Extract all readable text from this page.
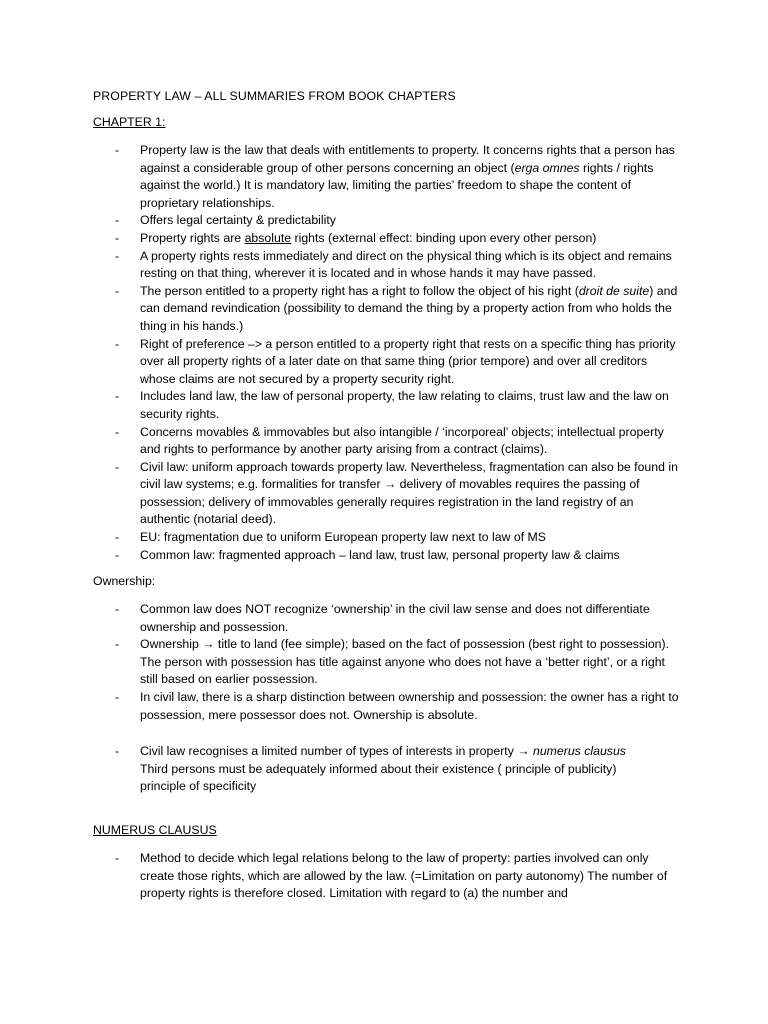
PROPERTY LAW – ALL SUMMARIES FROM BOOK CHAPTERS

CHAPTER 1:

- Property law is the law that deals with entitlements to property. It concerns rights that a person has against a considerable group of other persons concerning an object (erga omnes rights / rights against the world.) It is mandatory law, limiting the parties’ freedom to shape the content of proprietary relationships.
- Offers legal certainty & predictability
- Property rights are absolute rights (external effect: binding upon every other person)
- A property rights rests immediately and direct on the physical thing which is its object and remains resting on that thing, wherever it is located and in whose hands it may have passed.
- The person entitled to a property right has a right to follow the object of his right (droit de suite) and can demand revindication (possibility to demand the thing by a property action from who holds the thing in his hands.)
- Right of preference –> a person entitled to a property right that rests on a specific thing has priority over all property rights of a later date on that same thing (prior tempore) and over all creditors whose claims are not secured by a property security right.
- Includes land law, the law of personal property, the law relating to claims, trust law and the law on security rights.
- Concerns movables & immovables but also intangible / ‘incorporeal’ objects; intellectual property and rights to performance by another party arising from a contract (claims).
- Civil law: uniform approach towards property law. Nevertheless, fragmentation can also be found in civil law systems; e.g. formalities for transfer → delivery of movables requires the passing of possession; delivery of immovables generally requires registration in the land registry of an authentic (notarial deed).
- EU: fragmentation due to uniform European property law next to law of MS
- Common law: fragmented approach – land law, trust law, personal property law & claims

Ownership:

- Common law does NOT recognize ‘ownership’ in the civil law sense and does not differentiate ownership and possession.
- Ownership → title to land (fee simple); based on the fact of possession (best right to possession). The person with possession has title against anyone who does not have a ‘better right’, or a right still based on earlier possession.
- In civil law, there is a sharp distinction between ownership and possession: the owner has a right to possession, mere possessor does not. Ownership is absolute.
- Civil law recognises a limited number of types of interests in property → numerus clausus
Third persons must be adequately informed about their existence ( principle of publicity)
principle of specificity

NUMERUS CLAUSUS

- Method to decide which legal relations belong to the law of property: parties involved can only create those rights, which are allowed by the law. (=Limitation on party autonomy) The number of property rights is therefore closed. Limitation with regard to (a) the number and
